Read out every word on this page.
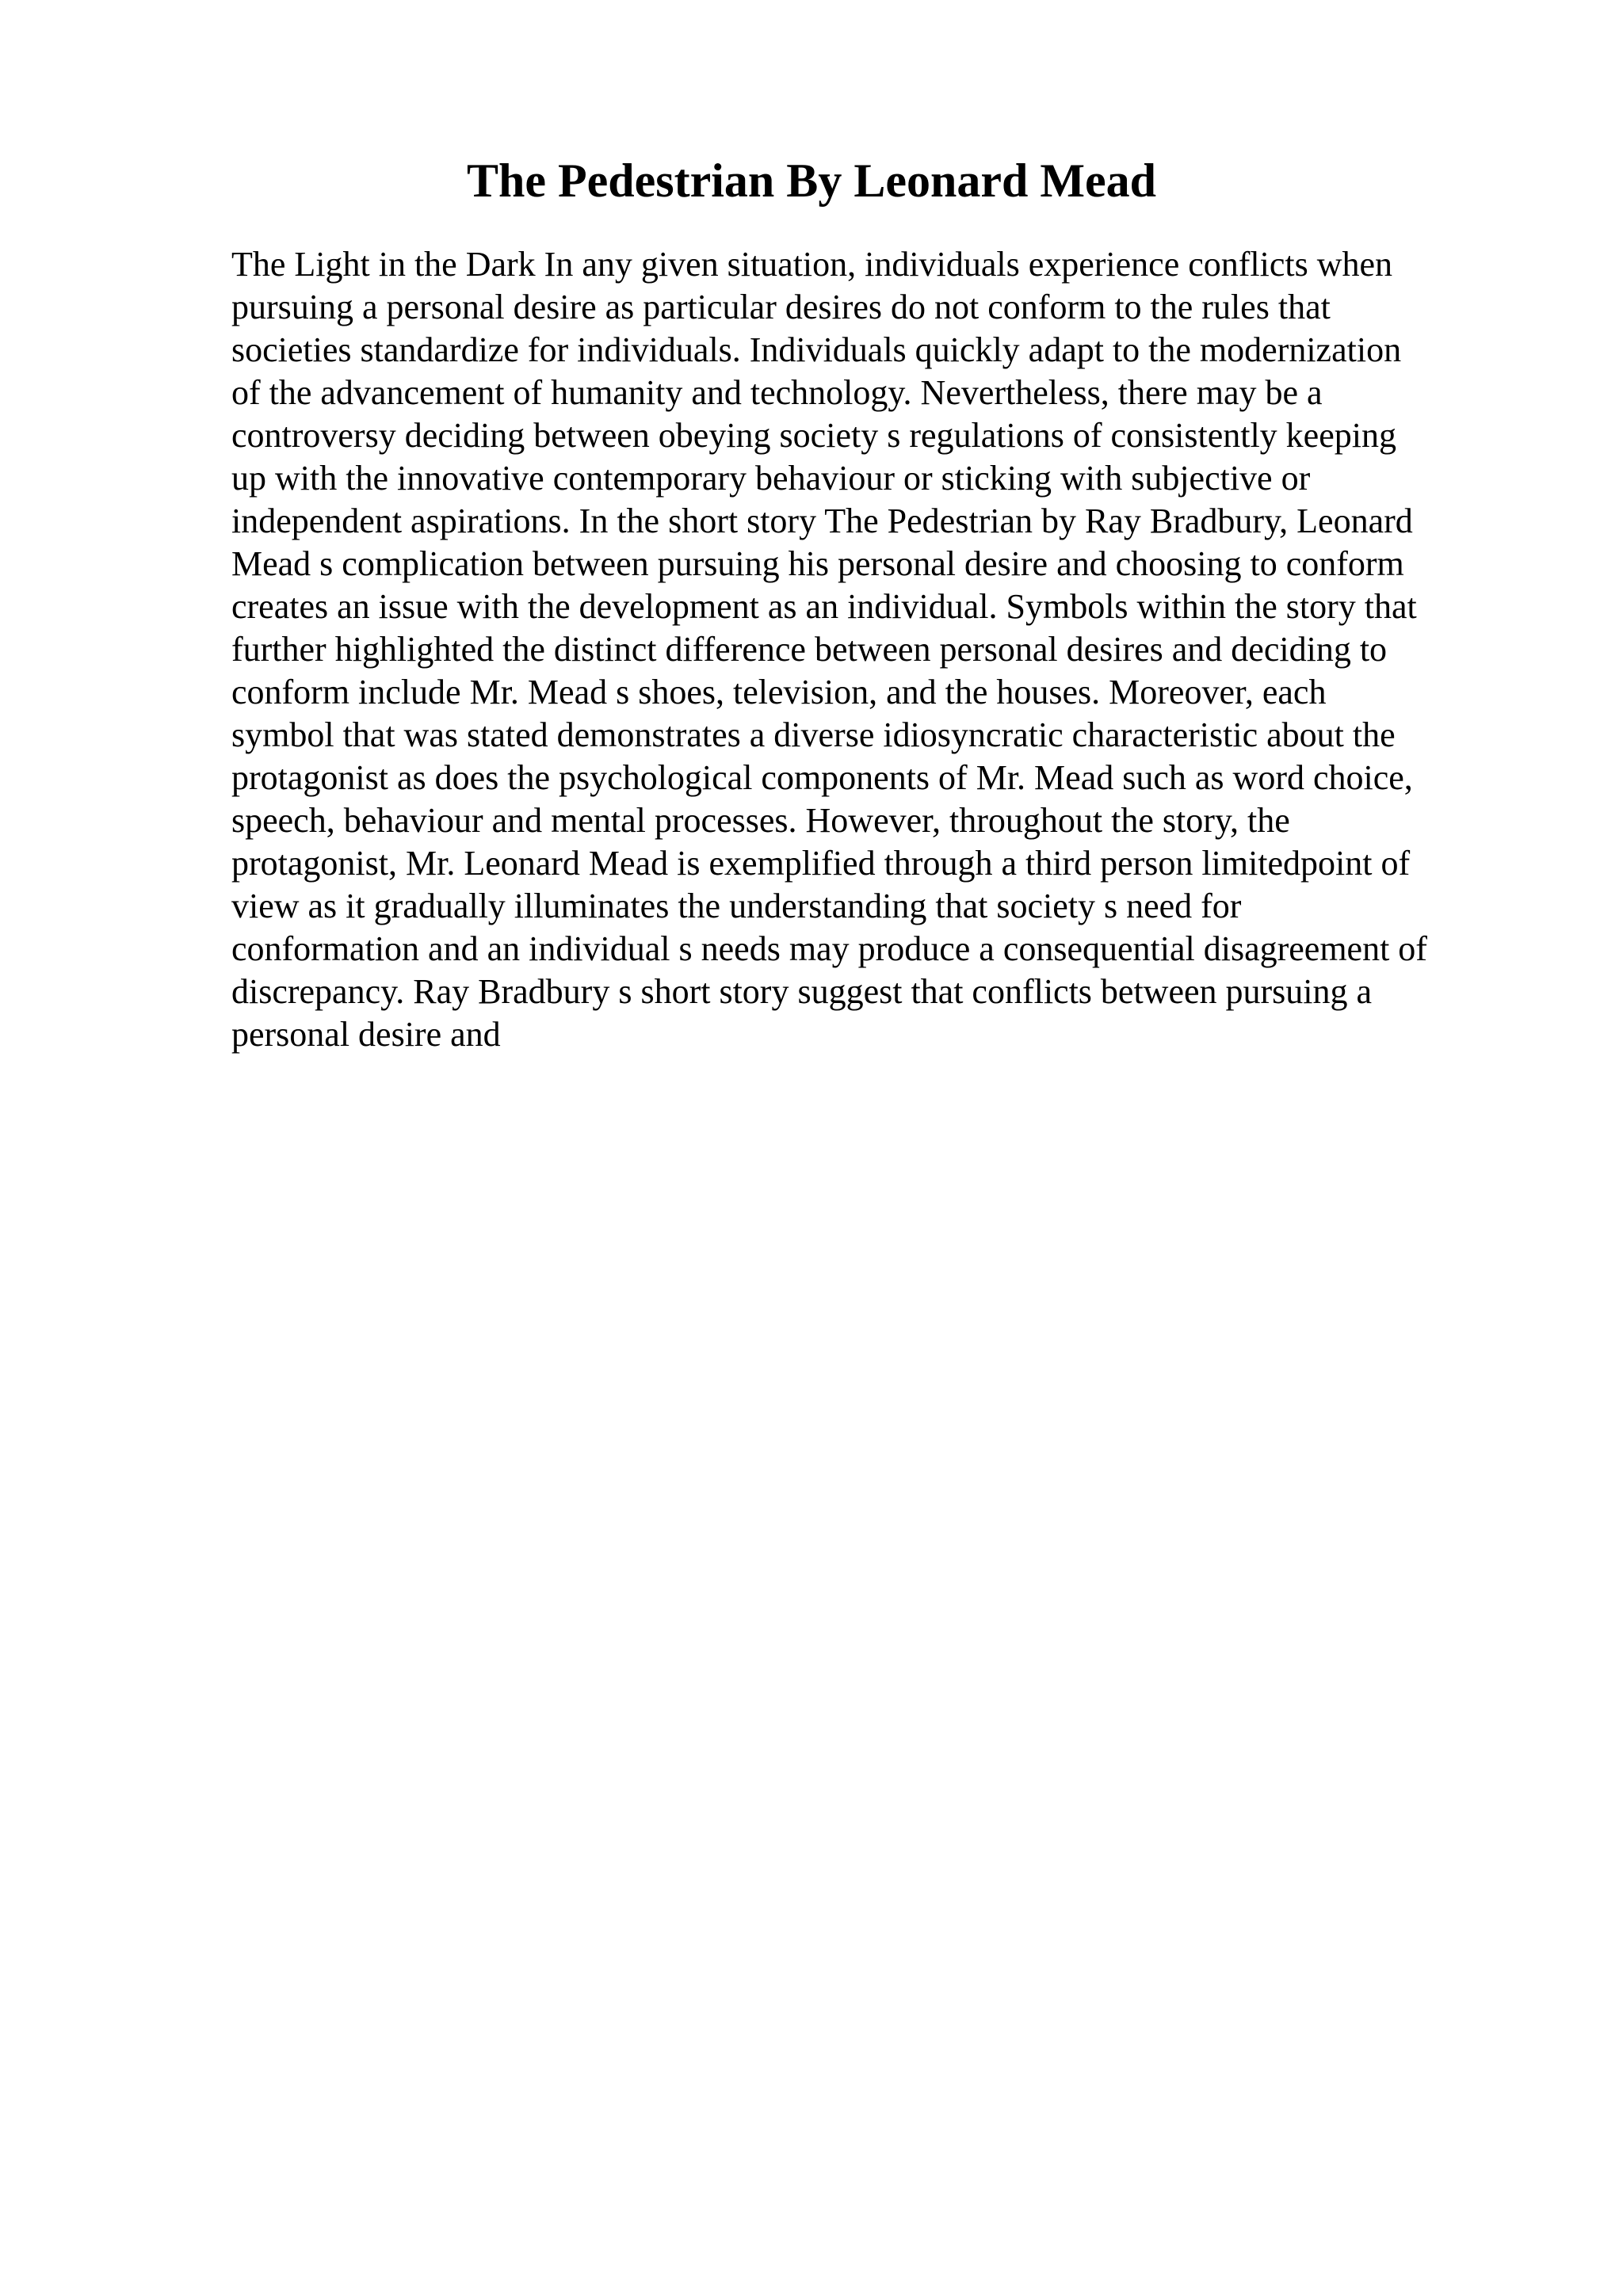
The Pedestrian By Leonard Mead
The Light in the Dark In any given situation, individuals experience conflicts when
pursuing a personal desire as particular desires do not conform to the rules that
societies standardize for individuals. Individuals quickly adapt to the modernization
of the advancement of humanity and technology. Nevertheless, there may be a
controversy deciding between obeying society s regulations of consistently keeping
up with the innovative contemporary behaviour or sticking with subjective or
independent aspirations. In the short story The Pedestrian by Ray Bradbury, Leonard
Mead s complication between pursuing his personal desire and choosing to conform
creates an issue with the development as an individual. Symbols within the story that
further highlighted the distinct difference between personal desires and deciding to
conform include Mr. Mead s shoes, television, and the houses. Moreover, each
symbol that was stated demonstrates a diverse idiosyncratic characteristic about the
protagonist as does the psychological components of Mr. Mead such as word choice,
speech, behaviour and mental processes. However, throughout the story, the
protagonist, Mr. Leonard Mead is exemplified through a third person limitedpoint of
view as it gradually illuminates the understanding that society s need for
conformation and an individual s needs may produce a consequential disagreement of
discrepancy. Ray Bradbury s short story suggest that conflicts between pursuing a
personal desire and
